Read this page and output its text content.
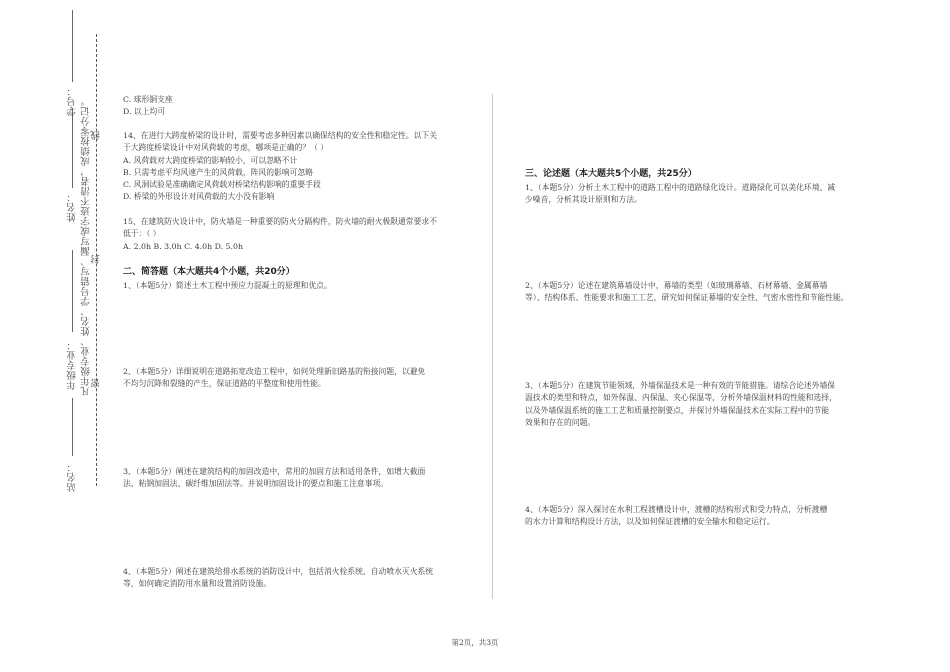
站名：
年级专业：
姓名：
学号： 凡年级专业、姓名、学号错写、漏写或字迹不清者，成绩按零分记。 密
封
线

C. 球形铜支座

D. 以上均可

14、在进行大跨度桥梁的设计时，需要考虑多种因素以确保结构的安全性和稳定性。以下关

于大跨度桥梁设计中对风荷载的考虑，哪项是正确的？（ ）

A. 风荷载对大跨度桥梁的影响较小，可以忽略不计

B. 只需考虑平均风速产生的风荷载，阵风的影响可忽略

C. 风洞试验是准确确定风荷载对桥梁结构影响的重要手段

D. 桥梁的外形设计对风荷载的大小没有影响

15、在建筑防火设计中，防火墙是一种重要的防火分隔构件，防火墙的耐火极限通常要求不

低于：（ ）

A. 2.0h B. 3.0h C. 4.0h D. 5.0h

二、简答题（本大题共4个小题，共20分）

1、（本题5分）简述土木工程中预应力混凝土的原理和优点。

2、（本题5分）详细说明在道路拓宽改造工程中，如何处理新旧路基的衔接问题，以避免

不均匀沉降和裂缝的产生，保证道路的平整度和使用性能。

3、（本题5分）阐述在建筑结构的加固改造中，常用的加固方法和适用条件，如增大截面

法、粘钢加固法、碳纤维加固法等。并说明加固设计的要点和施工注意事项。

4、（本题5分）阐述在建筑给排水系统的消防设计中，包括消火栓系统、自动喷水灭火系统

等，如何确定消防用水量和设置消防设施。

三、论述题（本大题共5个小题，共25分）

1、（本题5分）分析土木工程中的道路工程中的道路绿化设计。道路绿化可以美化环境、减

少噪音，分析其设计原则和方法。

2、（本题5分）论述在建筑幕墙设计中，幕墙的类型（如玻璃幕墙、石材幕墙、金属幕墙

等）、结构体系、性能要求和施工工艺，研究如何保证幕墙的安全性、气密水密性和节能性能。

3、（本题5分）在建筑节能领域，外墙保温技术是一种有效的节能措施。请综合论述外墙保

温技术的类型和特点，如外保温、内保温、夹心保温等，分析外墙保温材料的性能和选择，

以及外墙保温系统的施工工艺和质量控制要点，并探讨外墙保温技术在实际工程中的节能

效果和存在的问题。

4、（本题5分）深入探讨在水利工程渡槽设计中，渡槽的结构形式和受力特点，分析渡槽

的水力计算和结构设计方法，以及如何保证渡槽的安全输水和稳定运行。

第2页，共3页
